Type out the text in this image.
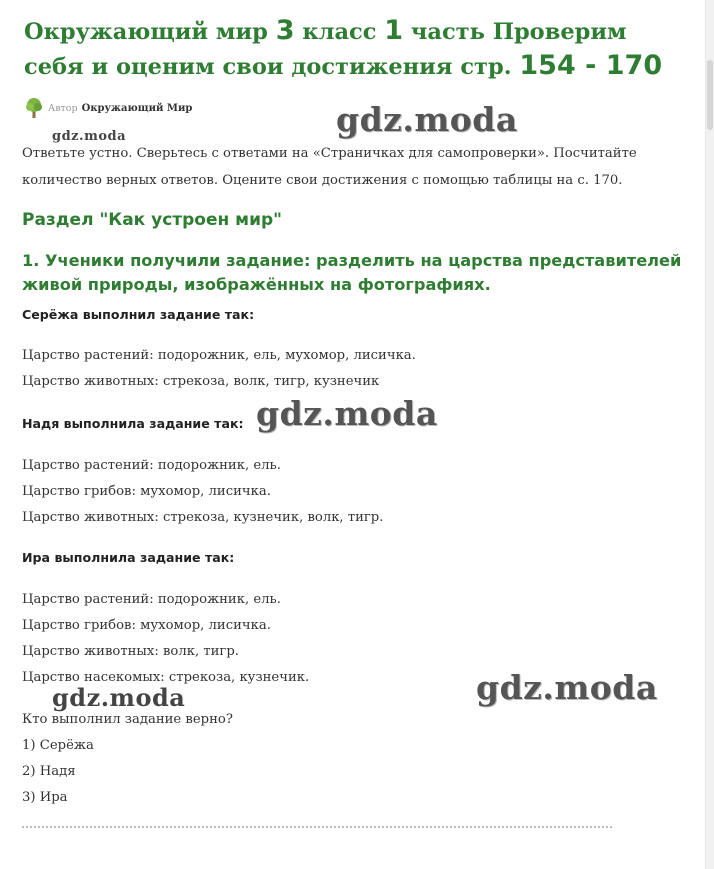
Окружающий мир 3 класс 1 часть Проверим себя и оценим свои достижения стр. 154 - 170
Автор Окружающий Мир	gdz.moda
gdz.moda

Ответьте устно. Сверьтесь с ответами на «Страничках для самопроверки». Посчитайте количество верных ответов. Оцените свои достижения с помощью таблицы на с. 170.

Раздел "Как устроен мир"
1. Ученики получили задание: разделить на царства представителей живой природы, изображённых на фотографиях.

Серёжа выполнил задание так:

Царство растений: подорожник, ель, мухомор, лисичка.

Царство животных: стрекоза, волк, тигр, кузнечик

Надя выполнила задание так: gdz.moda

Царство растений: подорожник, ель.

Царство грибов: мухомор, лисичка.

Царство животных: стрекоза, кузнечик, волк, тигр.

Ира выполнила задание так:

Царство растений: подорожник, ель.

Царство грибов: мухомор, лисичка.

Царство животных: волк, тигр.

Царство насекомых: стрекоза, кузнечик.

gdz.moda	gdz.moda

Кто выполнил задание верно?

1) Серёжа

2) Надя

3) Ира
